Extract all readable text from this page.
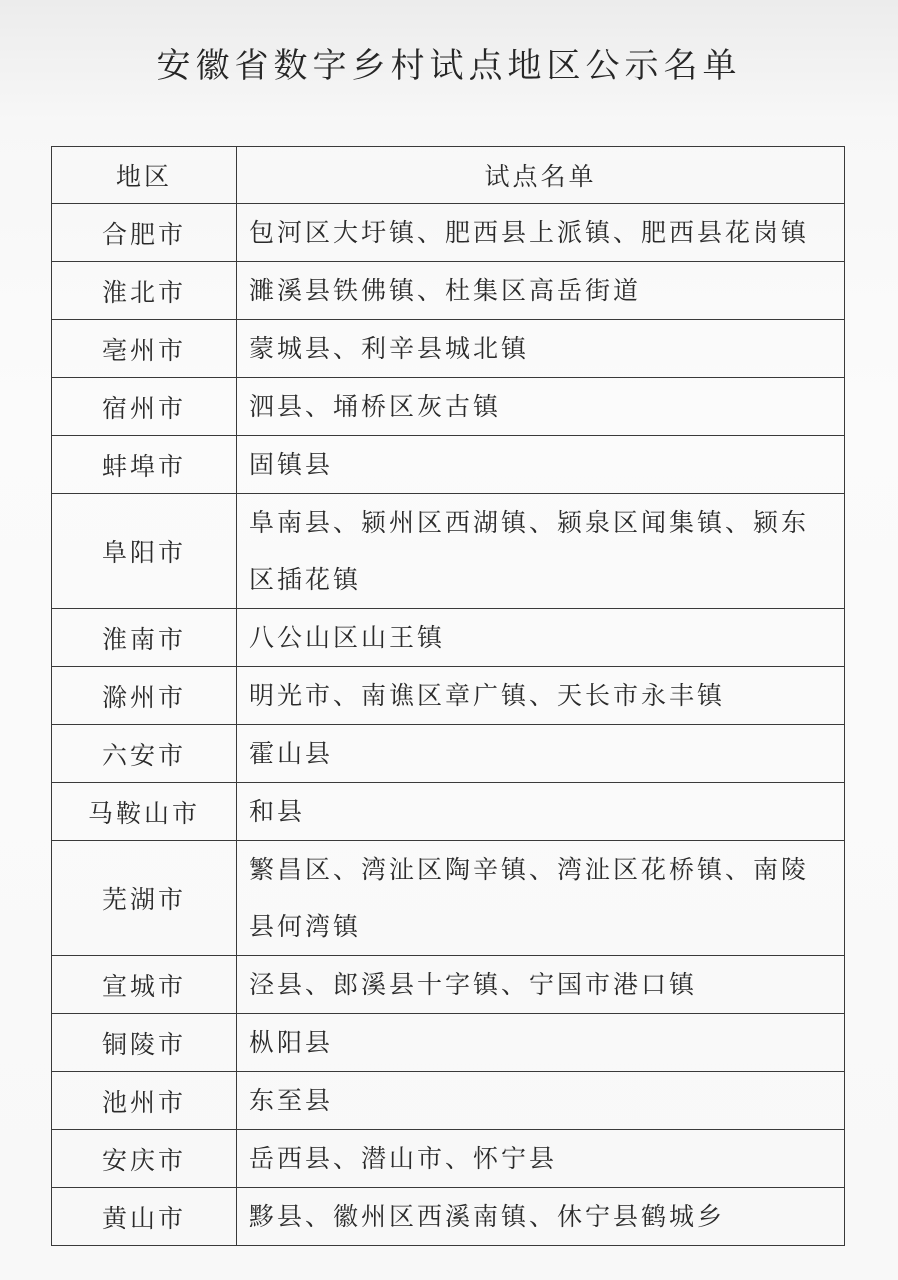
安徽省数字乡村试点地区公示名单
地区	试点名单
合肥市	包河区大圩镇、肥西县上派镇、肥西县花岗镇
淮北市	濉溪县铁佛镇、杜集区高岳街道
亳州市	蒙城县、利辛县城北镇
宿州市	泗县、埇桥区灰古镇
蚌埠市	固镇县
阜阳市	阜南县、颍州区西湖镇、颍泉区闻集镇、颍东区插花镇
淮南市	八公山区山王镇
滁州市	明光市、南谯区章广镇、天长市永丰镇
六安市	霍山县
马鞍山市	和县
芜湖市	繁昌区、湾沚区陶辛镇、湾沚区花桥镇、南陵县何湾镇
宣城市	泾县、郎溪县十字镇、宁国市港口镇
铜陵市	枞阳县
池州市	东至县
安庆市	岳西县、潜山市、怀宁县
黄山市	黟县、徽州区西溪南镇、休宁县鹤城乡
